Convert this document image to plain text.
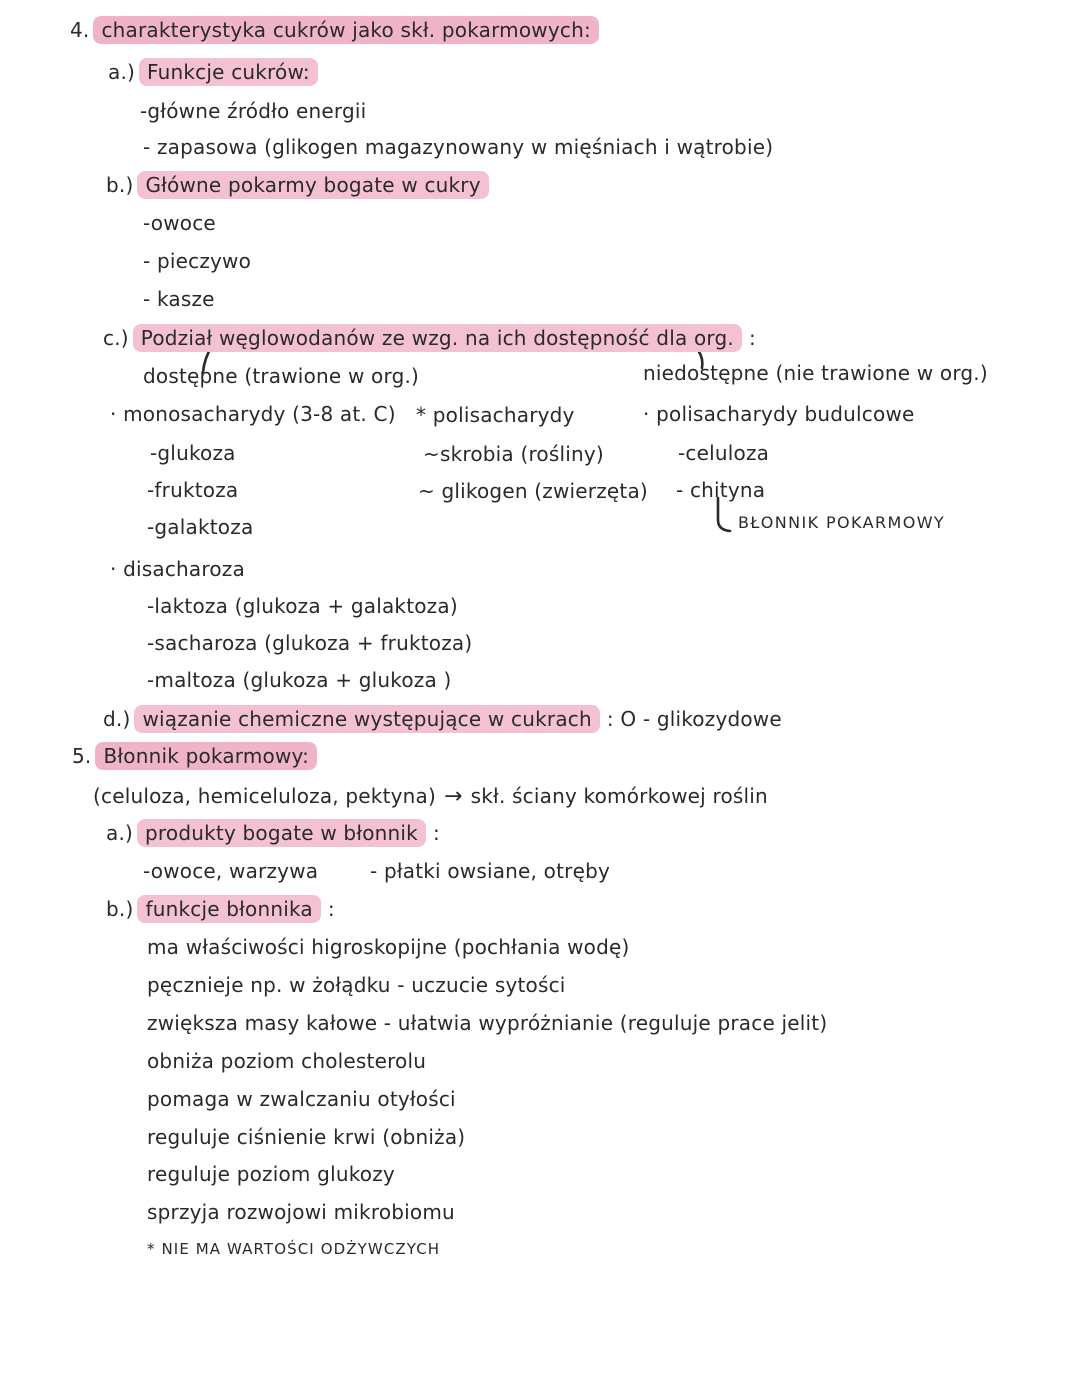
4. charakterystyka cukrów jako skł. pokarmowych:
a.) Funkcje cukrów:
-główne źródło energii
- zapasowa (glikogen magazynowany w mięśniach i wątrobie)
b.) Główne pokarmy bogate w cukry
-owoce
- pieczywo
- kasze
c.) Podział węglowodanów ze wzg. na ich dostępność dla org. :
dostępne (trawione w org.)	niedostępne (nie trawione w org.)
· monosacharydy (3-8 at. C) * polisacharydy	· polisacharydy budulcowe
-glukoza	~skrobia (rośliny)	-celuloza
-fruktoza	~ glikogen (zwierzęta) - chityna
-galaktoza	BŁONNIK POKARMOWY
· disacharoza
-laktoza (glukoza + galaktoza)
-sacharoza (glukoza + fruktoza)
-maltoza (glukoza + glukoza )
d.) wiązanie chemiczne występujące w cukrach : O - glikozydowe
5. Błonnik pokarmowy:
(celuloza, hemiceluloza, pektyna) → skł. ściany komórkowej roślin
a.) produkty bogate w błonnik :
-owoce, warzywa	- płatki owsiane, otręby
b.) funkcje błonnika :
ma właściwości higroskopijne (pochłania wodę)
pęcznieje np. w żołądku - uczucie sytości
zwiększa masy kałowe - ułatwia wypróżnianie (reguluje prace jelit)
obniża poziom cholesterolu
pomaga w zwalczaniu otyłości
reguluje ciśnienie krwi (obniża)
reguluje poziom glukozy
sprzyja rozwojowi mikrobiomu
* NIE MA WARTOŚCI ODŻYWCZYCH
